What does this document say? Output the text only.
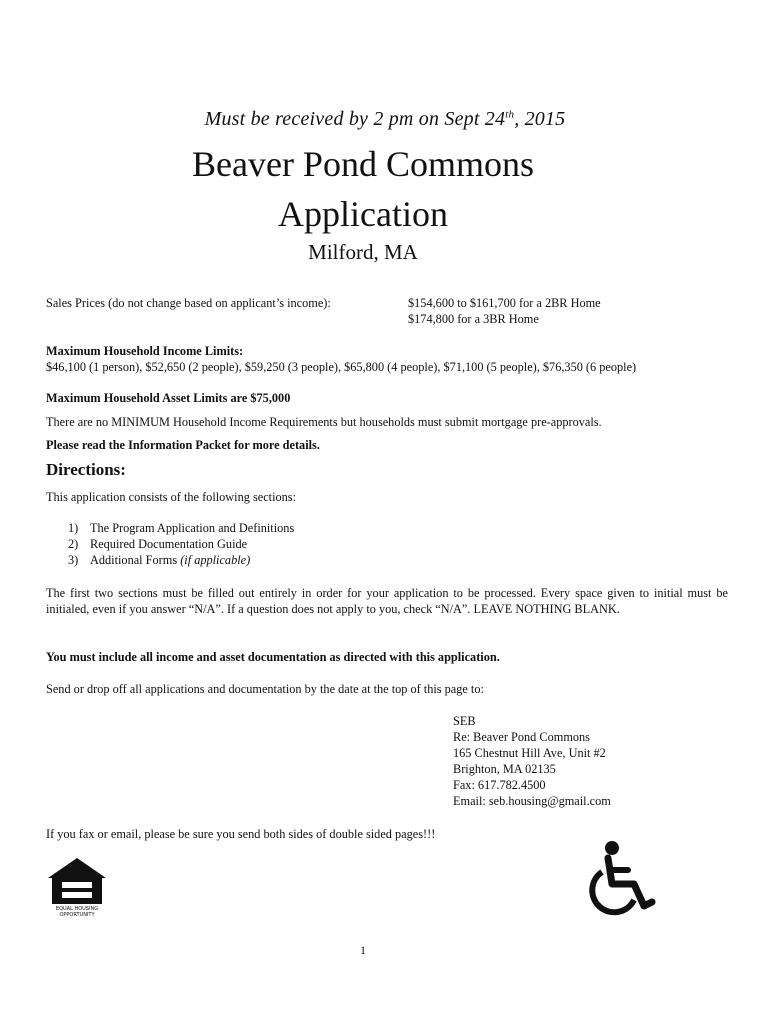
Must be received by 2 pm on Sept 24th, 2015
Beaver Pond Commons
Application
Milford, MA
Sales Prices (do not change based on applicant’s income):	$154,600 to $161,700 for a 2BR Home
$174,800 for a 3BR Home
Maximum Household Income Limits:
$46,100 (1 person), $52,650 (2 people), $59,250 (3 people), $65,800 (4 people), $71,100 (5 people), $76,350 (6 people)
Maximum Household Asset Limits are $75,000
There are no MINIMUM Household Income Requirements but households must submit mortgage pre-approvals.
Please read the Information Packet for more details.
Directions:
This application consists of the following sections:
1) The Program Application and Definitions
2) Required Documentation Guide
3) Additional Forms (if applicable)
The first two sections must be filled out entirely in order for your application to be processed. Every space given to initial must be initialed, even if you answer “N/A”. If a question does not apply to you, check “N/A”. LEAVE NOTHING BLANK.
You must include all income and asset documentation as directed with this application.
Send or drop off all applications and documentation by the date at the top of this page to:
SEB
Re: Beaver Pond Commons
165 Chestnut Hill Ave, Unit #2
Brighton, MA 02135
Fax: 617.782.4500
Email: seb.housing@gmail.com
If you fax or email, please be sure you send both sides of double sided pages!!!
EQUAL HOUSING
OPPORTUNITY
1
